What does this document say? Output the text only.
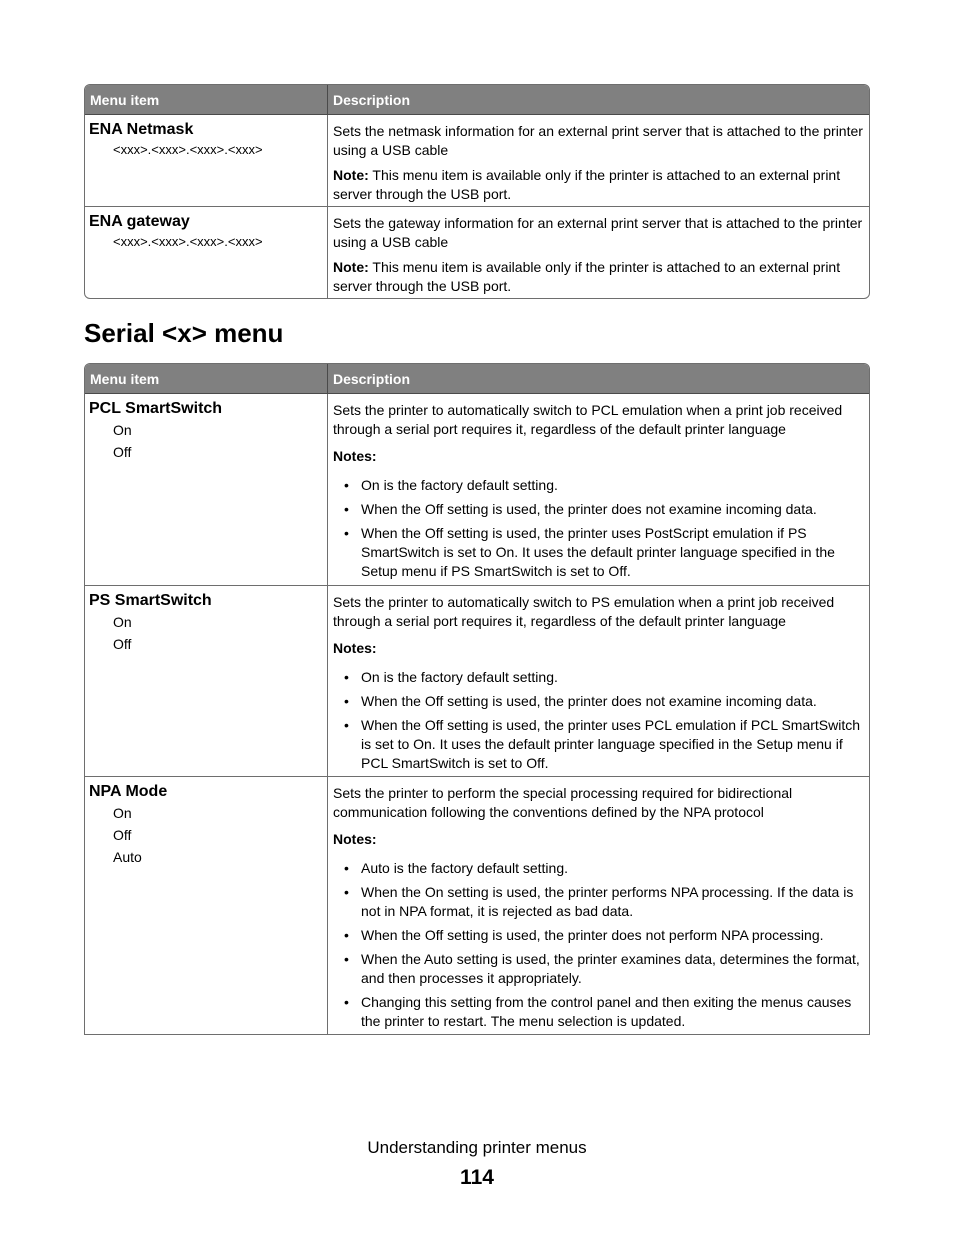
Menu item	Description
ENA Netmask
<xxx>.<xxx>.<xxx>.<xxx>
Sets the netmask information for an external print server that is attached to the printer using a USB cable
Note: This menu item is available only if the printer is attached to an external print server through the USB port.
ENA gateway
<xxx>.<xxx>.<xxx>.<xxx>
Sets the gateway information for an external print server that is attached to the printer using a USB cable
Note: This menu item is available only if the printer is attached to an external print server through the USB port.
Serial <x> menu
Menu item	Description
PCL SmartSwitch
On
Off
Sets the printer to automatically switch to PCL emulation when a print job received through a serial port requires it, regardless of the default printer language
Notes:
• On is the factory default setting.
• When the Off setting is used, the printer does not examine incoming data.
• When the Off setting is used, the printer uses PostScript emulation if PS SmartSwitch is set to On. It uses the default printer language specified in the Setup menu if PS SmartSwitch is set to Off.
PS SmartSwitch
On
Off
Sets the printer to automatically switch to PS emulation when a print job received through a serial port requires it, regardless of the default printer language
Notes:
• On is the factory default setting.
• When the Off setting is used, the printer does not examine incoming data.
• When the Off setting is used, the printer uses PCL emulation if PCL SmartSwitch is set to On. It uses the default printer language specified in the Setup menu if PCL SmartSwitch is set to Off.
NPA Mode
On
Off
Auto
Sets the printer to perform the special processing required for bidirectional communication following the conventions defined by the NPA protocol
Notes:
• Auto is the factory default setting.
• When the On setting is used, the printer performs NPA processing. If the data is not in NPA format, it is rejected as bad data.
• When the Off setting is used, the printer does not perform NPA processing.
• When the Auto setting is used, the printer examines data, determines the format, and then processes it appropriately.
• Changing this setting from the control panel and then exiting the menus causes the printer to restart. The menu selection is updated.
Understanding printer menus
114
